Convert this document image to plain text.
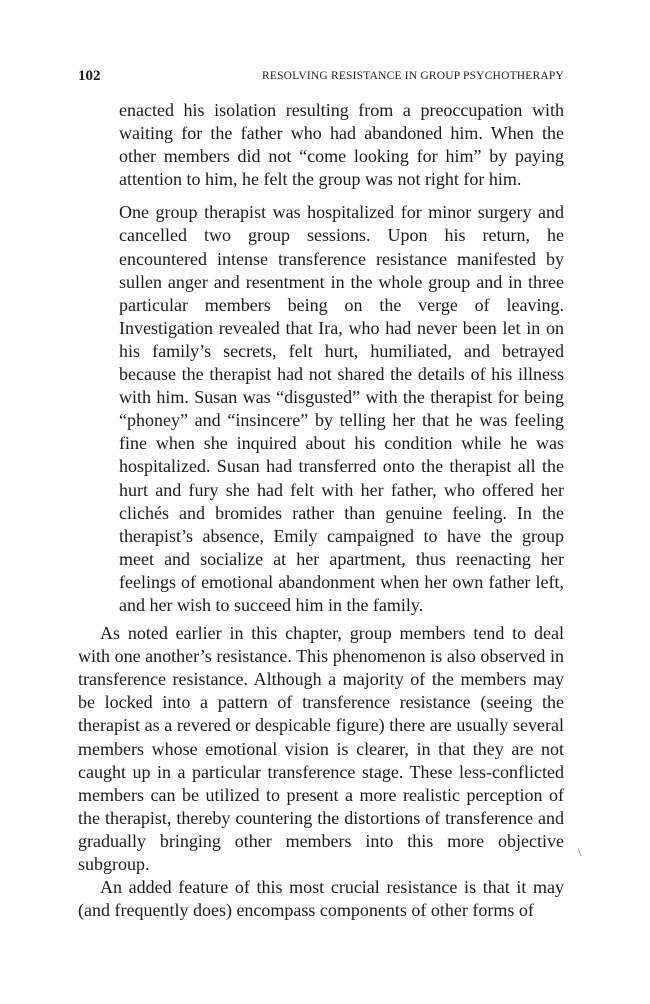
102	RESOLVING RESISTANCE IN GROUP PSYCHOTHERAPY

enacted his isolation resulting from a preoccupation with waiting for the father who had abandoned him. When the other members did not “come looking for him” by paying attention to him, he felt the group was not right for him.

One group therapist was hospitalized for minor surgery and cancelled two group sessions. Upon his return, he encountered intense transference resistance manifested by sullen anger and resentment in the whole group and in three particular members being on the verge of leaving. Investigation revealed that Ira, who had never been let in on his family’s secrets, felt hurt, humiliated, and betrayed because the therapist had not shared the details of his illness with him. Susan was “disgusted” with the therapist for being “phoney” and “insincere” by telling her that he was feeling fine when she inquired about his condition while he was hospitalized. Susan had transferred onto the therapist all the hurt and fury she had felt with her father, who offered her clichés and bromides rather than genuine feeling. In the therapist’s absence, Emily campaigned to have the group meet and socialize at her apartment, thus reenacting her feelings of emotional abandonment when her own father left, and her wish to succeed him in the family.

As noted earlier in this chapter, group members tend to deal with one another’s resistance. This phenomenon is also observed in transference resistance. Although a majority of the members may be locked into a pattern of transference resistance (seeing the therapist as a revered or despicable figure) there are usually several members whose emotional vision is clearer, in that they are not caught up in a particular transference stage. These less-conflicted members can be utilized to present a more realistic perception of the therapist, thereby countering the distortions of transference and gradually bringing other members into this more objective subgroup.

An added feature of this most crucial resistance is that it may (and frequently does) encompass components of other forms of

\
